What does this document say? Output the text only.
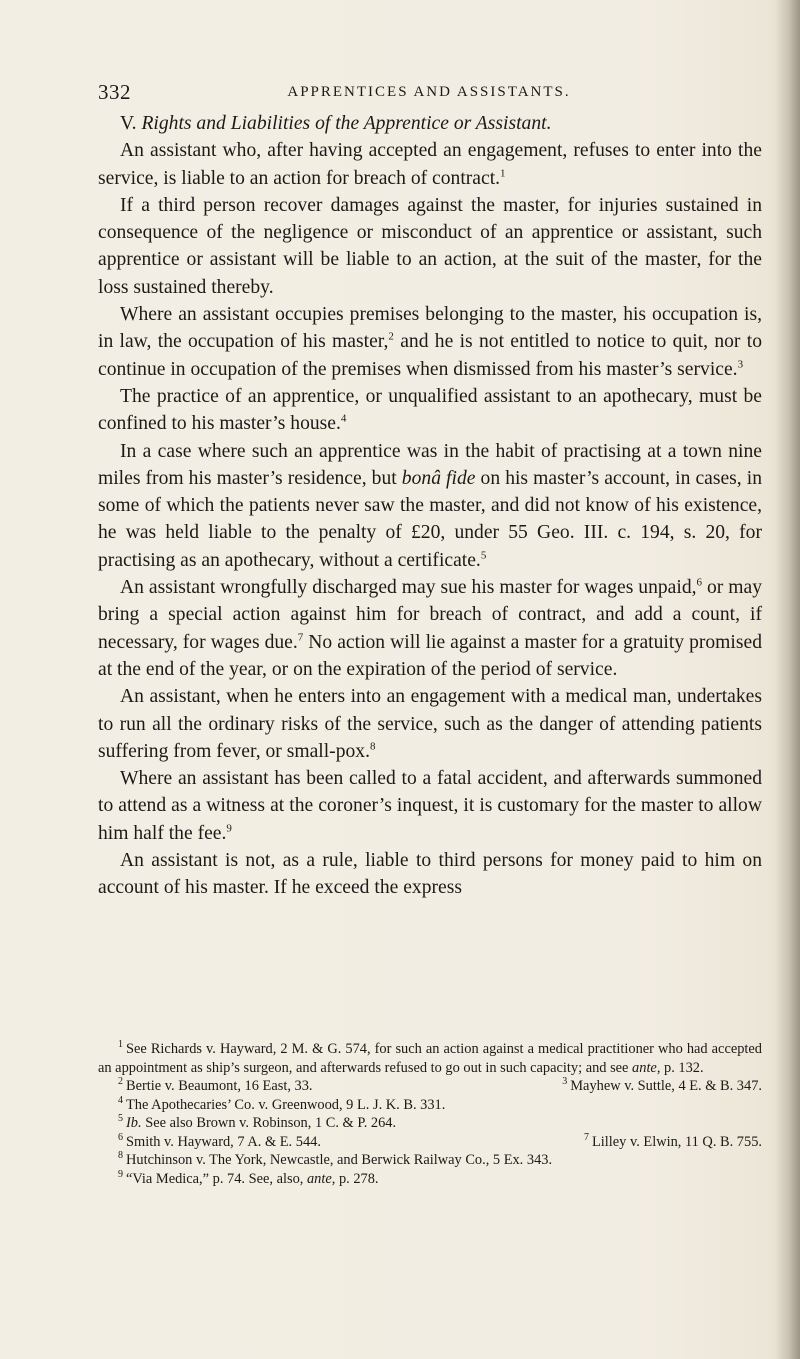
332	APPRENTICES AND ASSISTANTS.

V. Rights and Liabilities of the Apprentice or Assistant.

An assistant who, after having accepted an engagement, refuses to enter into the service, is liable to an action for breach of contract.$^1$

If a third person recover damages against the master, for injuries sustained in consequence of the negligence or misconduct of an apprentice or assistant, such apprentice or assistant will be liable to an action, at the suit of the master, for the loss sustained thereby.

Where an assistant occupies premises belonging to the master, his occupation is, in law, the occupation of his master,$^2$ and he is not entitled to notice to quit, nor to continue in occupation of the premises when dismissed from his master’s service.$^3$

The practice of an apprentice, or unqualified assistant to an apothecary, must be confined to his master’s house.$^4$

In a case where such an apprentice was in the habit of practising at a town nine miles from his master’s residence, but bonâ fide on his master’s account, in cases, in some of which the patients never saw the master, and did not know of his existence, he was held liable to the penalty of £20, under 55 Geo. III. c. 194, s. 20, for practising as an apothecary, without a certificate.$^5$

An assistant wrongfully discharged may sue his master for wages unpaid,$^6$ or may bring a special action against him for breach of contract, and add a count, if necessary, for wages due.$^7$ No action will lie against a master for a gratuity promised at the end of the year, or on the expiration of the period of service.

An assistant, when he enters into an engagement with a medical man, undertakes to run all the ordinary risks of the service, such as the danger of attending patients suffering from fever, or small-pox.$^8$

Where an assistant has been called to a fatal accident, and afterwards summoned to attend as a witness at the coroner’s inquest, it is customary for the master to allow him half the fee.$^9$

An assistant is not, as a rule, liable to third persons for money paid to him on account of his master. If he exceed the express

$^1$ See Richards v. Hayward, 2 M. & G. 574, for such an action against a medical practitioner who had accepted an appointment as ship’s surgeon, and afterwards refused to go out in such capacity; and see ante, p. 132.

$^2$ Bertie v. Beaumont, 16 East, 33.	$^3$ Mayhew v. Suttle, 4 E. & B. 347.

$^4$ The Apothecaries’ Co. v. Greenwood, 9 L. J. K. B. 331.

$^5$ Ib. See also Brown v. Robinson, 1 C. & P. 264.

$^6$ Smith v. Hayward, 7 A. & E. 544.	$^7$ Lilley v. Elwin, 11 Q. B. 755.

$^8$ Hutchinson v. The York, Newcastle, and Berwick Railway Co., 5 Ex. 343.

$^9$ “Via Medica,” p. 74. See, also, ante, p. 278.
